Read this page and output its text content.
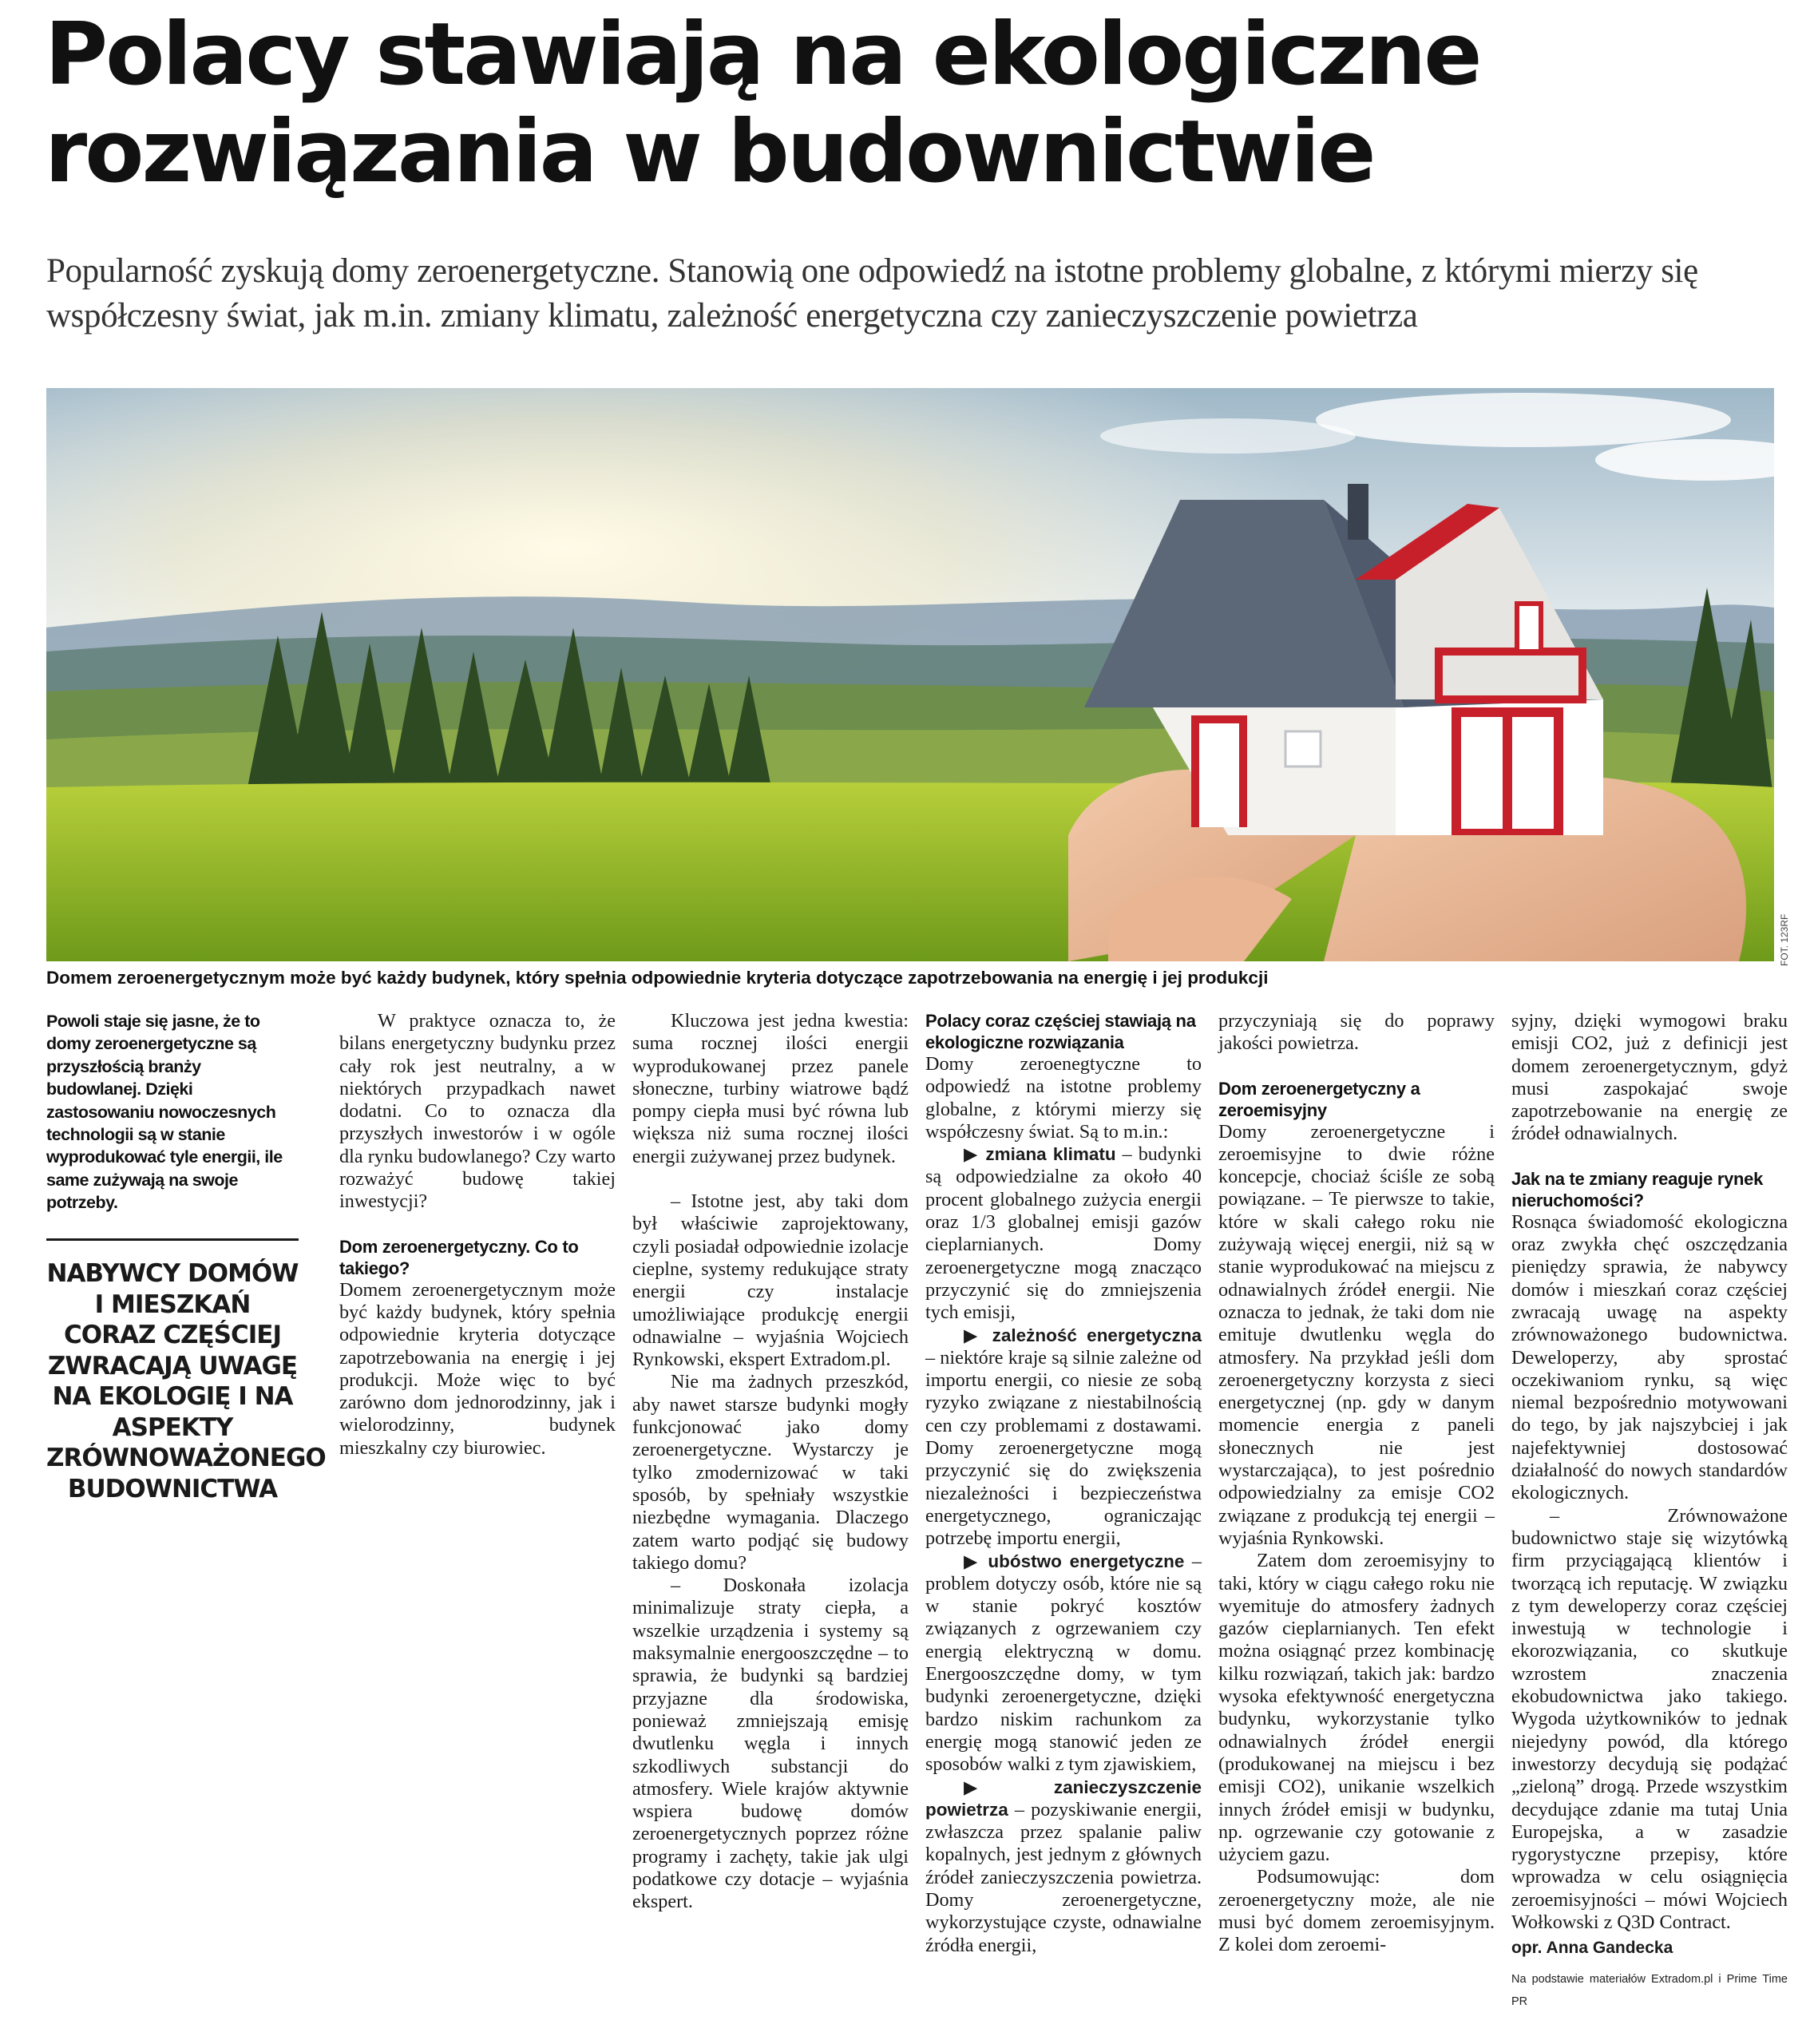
Polacy stawiają na ekologiczne rozwiązania w budownictwie

Popularność zyskują domy zeroenergetyczne. Stanowią one odpowiedź na istotne problemy globalne, z którymi mierzy się współczesny świat, jak m.in. zmiany klimatu, zależność energetyczna czy zanieczyszczenie powietrza

FOT. 123RF
Domem zeroenergetycznym może być każdy budynek, który spełnia odpowiednie kryteria dotyczące zapotrzebowania na energię i jej produkcji

Powoli staje się jasne, że to domy zeroenergetyczne są przyszłością branży budowlanej. Dzięki zastosowaniu nowoczesnych technologii są w stanie wyprodukować tyle energii, ile same zużywają na swoje potrzeby.

NABYWCY DOMÓW I MIESZKAŃ CORAZ CZĘŚCIEJ ZWRACAJĄ UWAGĘ NA EKOLOGIĘ I NA ASPEKTY ZRÓWNOWAŻONEGO BUDOWNICTWA

W praktyce oznacza to, że bilans energetyczny budynku przez cały rok jest neutralny, a w niektórych przypadkach nawet dodatni. Co to oznacza dla przyszłych inwestorów i w ogóle dla rynku budowlanego? Czy warto rozważyć budowę takiej inwestycji?

Dom zeroenergetyczny. Co to takiego?

Domem zeroenergetycznym może być każdy budynek, który spełnia odpowiednie kryteria dotyczące zapotrzebowania na energię i jej produkcji. Może więc to być zarówno dom jednorodzinny, jak i wielorodzinny, budynek mieszkalny czy biurowiec.

Kluczowa jest jedna kwestia: suma rocznej ilości energii wyprodukowanej przez panele słoneczne, turbiny wiatrowe bądź pompy ciepła musi być równa lub większa niż suma rocznej ilości energii zużywanej przez budynek.

– Istotne jest, aby taki dom był właściwie zaprojektowany, czyli posiadał odpowiednie izolacje cieplne, systemy redukujące straty energii czy instalacje umożliwiające produkcję energii odnawialne – wyjaśnia Wojciech Rynkowski, ekspert Extradom.pl.

Nie ma żadnych przeszkód, aby nawet starsze budynki mogły funkcjonować jako domy zeroenergetyczne. Wystarczy je tylko zmodernizować w taki sposób, by spełniały wszystkie niezbędne wymagania. Dlaczego zatem warto podjąć się budowy takiego domu?

– Doskonała izolacja minimalizuje straty ciepła, a wszelkie urządzenia i systemy są maksymalnie energooszczędne – to sprawia, że budynki są bardziej przyjazne dla środowiska, ponieważ zmniejszają emisję dwutlenku węgla i innych szkodliwych substancji do atmosfery. Wiele krajów aktywnie wspiera budowę domów zeroenergetycznych poprzez różne programy i zachęty, takie jak ulgi podatkowe czy dotacje – wyjaśnia ekspert.

Polacy coraz częściej stawiają na ekologiczne rozwiązania

Domy zeroenegtyczne to odpowiedź na istotne problemy globalne, z którymi mierzy się współczesny świat. Są to m.in.:

▶ zmiana klimatu – budynki są odpowiedzialne za około 40 procent globalnego zużycia energii oraz 1/3 globalnej emisji gazów cieplarnianych. Domy zeroenergetyczne mogą znacząco przyczynić się do zmniejszenia tych emisji,

▶ zależność energetyczna – niektóre kraje są silnie zależne od importu energii, co niesie ze sobą ryzyko związane z niestabilnością cen czy problemami z dostawami. Domy zeroenergetyczne mogą przyczynić się do zwiększenia niezależności i bezpieczeństwa energetycznego, ograniczając potrzebę importu energii,

▶ ubóstwo energetyczne – problem dotyczy osób, które nie są w stanie pokryć kosztów związanych z ogrzewaniem czy energią elektryczną w domu. Energooszczędne domy, w tym budynki zeroenergetyczne, dzięki bardzo niskim rachunkom za energię mogą stanowić jeden ze sposobów walki z tym zjawiskiem,

▶ zanieczyszczenie powietrza – pozyskiwanie energii, zwłaszcza przez spalanie paliw kopalnych, jest jednym z głównych źródeł zanieczyszczenia powietrza. Domy zeroenergetyczne, wykorzystujące czyste, odnawialne źródła energii,

przyczyniają się do poprawy jakości powietrza.

Dom zeroenergetyczny a zeroemisyjny

Domy zeroenergetyczne i zeroemisyjne to dwie różne koncepcje, chociaż ściśle ze sobą powiązane. – Te pierwsze to takie, które w skali całego roku nie zużywają więcej energii, niż są w stanie wyprodukować na miejscu z odnawialnych źródeł energii. Nie oznacza to jednak, że taki dom nie emituje dwutlenku węgla do atmosfery. Na przykład jeśli dom zeroenergetyczny korzysta z sieci energetycznej (np. gdy w danym momencie energia z paneli słonecznych nie jest wystarczająca), to jest pośrednio odpowiedzialny za emisje CO2 związane z produkcją tej energii – wyjaśnia Rynkowski.

Zatem dom zeroemisyjny to taki, który w ciągu całego roku nie wyemituje do atmosfery żadnych gazów cieplarnianych. Ten efekt można osiągnąć przez kombinację kilku rozwiązań, takich jak: bardzo wysoka efektywność energetyczna budynku, wykorzystanie tylko odnawialnych źródeł energii (produkowanej na miejscu i bez emisji CO2), unikanie wszelkich innych źródeł emisji w budynku, np. ogrzewanie czy gotowanie z użyciem gazu.

Podsumowując: dom zeroenergetyczny może, ale nie musi być domem zeroemisyjnym. Z kolei dom zeroemi-

syjny, dzięki wymogowi braku emisji CO2, już z definicji jest domem zeroenergetycznym, gdyż musi zaspokajać swoje zapotrzebowanie na energię ze źródeł odnawialnych.

Jak na te zmiany reaguje rynek nieruchomości?

Rosnąca świadomość ekologiczna oraz zwykła chęć oszczędzania pieniędzy sprawia, że nabywcy domów i mieszkań coraz częściej zwracają uwagę na aspekty zrównoważonego budownictwa. Deweloperzy, aby sprostać oczekiwaniom rynku, są więc niemal bezpośrednio motywowani do tego, by jak najszybciej i jak najefektywniej dostosować działalność do nowych standardów ekologicznych.

– Zrównoważone budownictwo staje się wizytówką firm przyciągającą klientów i tworzącą ich reputację. W związku z tym deweloperzy coraz częściej inwestują w technologie i ekorozwiązania, co skutkuje wzrostem znaczenia ekobudownictwa jako takiego. Wygoda użytkowników to jednak niejedyny powód, dla którego inwestorzy decydują się podążać „zieloną” drogą. Przede wszystkim decydujące zdanie ma tutaj Unia Europejska, a w zasadzie rygorystyczne przepisy, które wprowadza w celu osiągnięcia zeroemisyjności – mówi Wojciech Wołkowski z Q3D Contract.

opr. Anna Gandecka
Na podstawie materiałów Extradom.pl i Prime Time PR
